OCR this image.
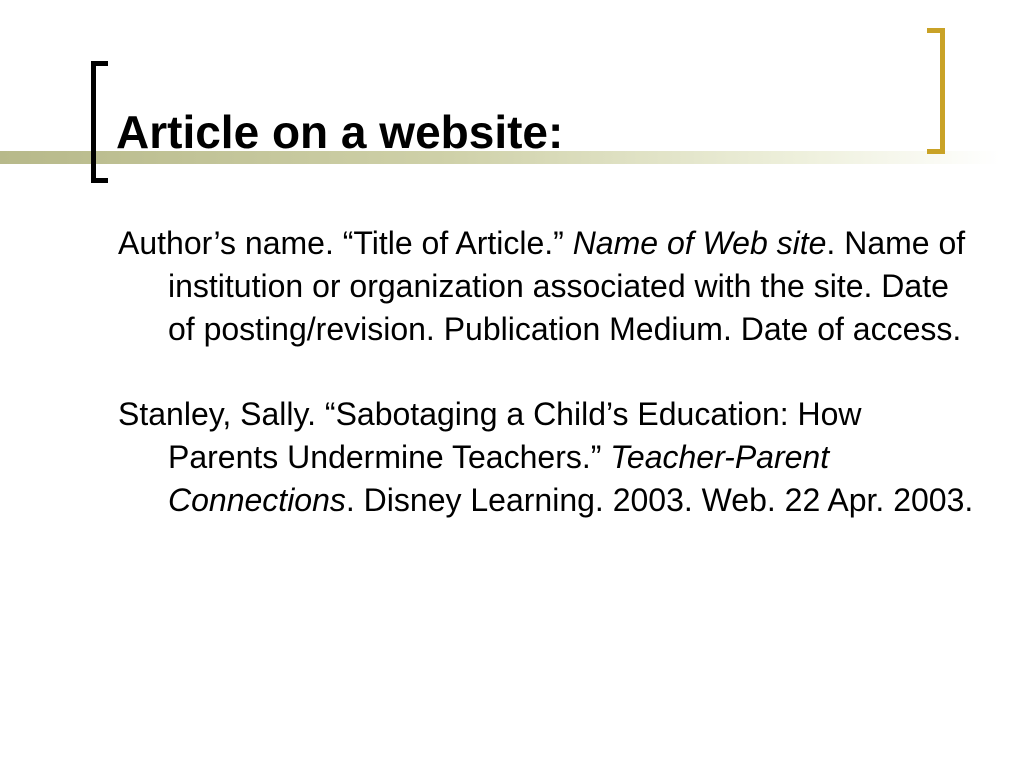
Article on a website:

Author’s name. “Title of Article.” Name of Web site. Name of institution or organization associated with the site. Date of posting/revision. Publication Medium. Date of access.

Stanley, Sally. “Sabotaging a Child’s Education: How Parents Undermine Teachers.” Teacher-Parent Connections. Disney Learning. 2003. Web. 22 Apr. 2003.
